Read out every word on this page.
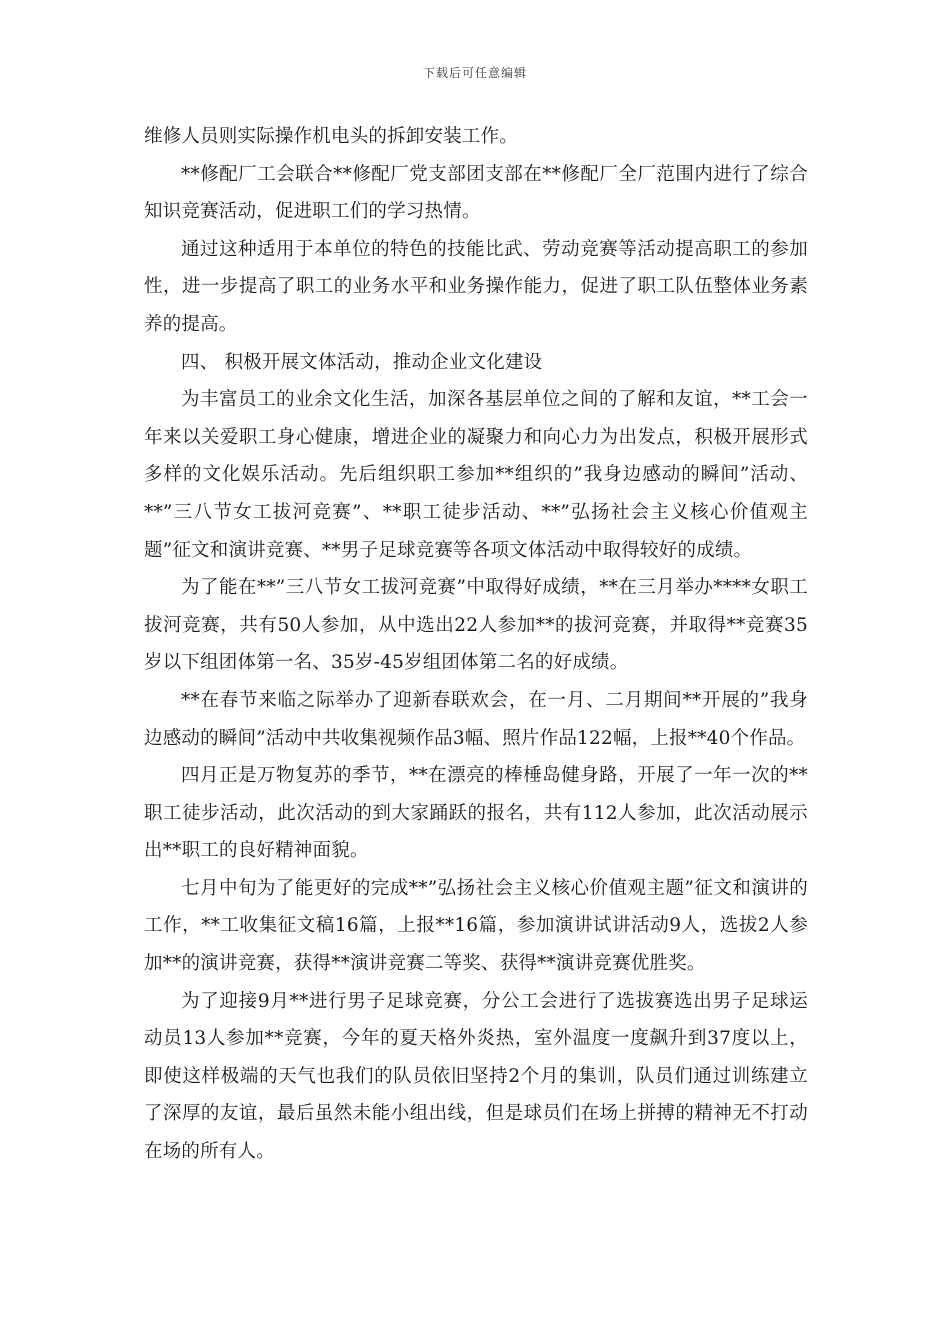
下载后可任意编辑

维修人员则实际操作机电头的拆卸安装工作。

**修配厂工会联合**修配厂党支部团支部在**修配厂全厂范围内进行了综合知识竞赛活动，促进职工们的学习热情。

通过这种适用于本单位的特色的技能比武、劳动竞赛等活动提高职工的参加性，进一步提高了职工的业务水平和业务操作能力，促进了职工队伍整体业务素养的提高。

四、 积极开展文体活动，推动企业文化建设

为丰富员工的业余文化生活，加深各基层单位之间的了解和友谊，**工会一年来以关爱职工身心健康，增进企业的凝聚力和向心力为出发点，积极开展形式多样的文化娱乐活动。先后组织职工参加**组织的”我身边感动的瞬间”活动、**”三八节女工拔河竞赛”、**职工徒步活动、**”弘扬社会主义核心价值观主题”征文和演讲竞赛、**男子足球竞赛等各项文体活动中取得较好的成绩。

为了能在**”三八节女工拔河竞赛”中取得好成绩，**在三月举办****女职工拔河竞赛，共有50人参加，从中选出22人参加**的拔河竞赛，并取得**竞赛35岁以下组团体第一名、35岁-45岁组团体第二名的好成绩。

**在春节来临之际举办了迎新春联欢会，在一月、二月期间**开展的”我身边感动的瞬间”活动中共收集视频作品3幅、照片作品122幅，上报**40个作品。

四月正是万物复苏的季节，**在漂亮的棒棰岛健身路，开展了一年一次的**职工徒步活动，此次活动的到大家踊跃的报名，共有112人参加，此次活动展示出**职工的良好精神面貌。

七月中旬为了能更好的完成**”弘扬社会主义核心价值观主题”征文和演讲的工作，**工收集征文稿16篇，上报**16篇，参加演讲试讲活动9人，选拔2人参加**的演讲竞赛，获得**演讲竞赛二等奖、获得**演讲竞赛优胜奖。

为了迎接9月**进行男子足球竞赛，分公工会进行了选拔赛选出男子足球运动员13人参加**竞赛，今年的夏天格外炎热，室外温度一度飙升到37度以上，即使这样极端的天气也我们的队员依旧坚持2个月的集训，队员们通过训练建立了深厚的友谊，最后虽然未能小组出线，但是球员们在场上拼搏的精神无不打动在场的所有人。
